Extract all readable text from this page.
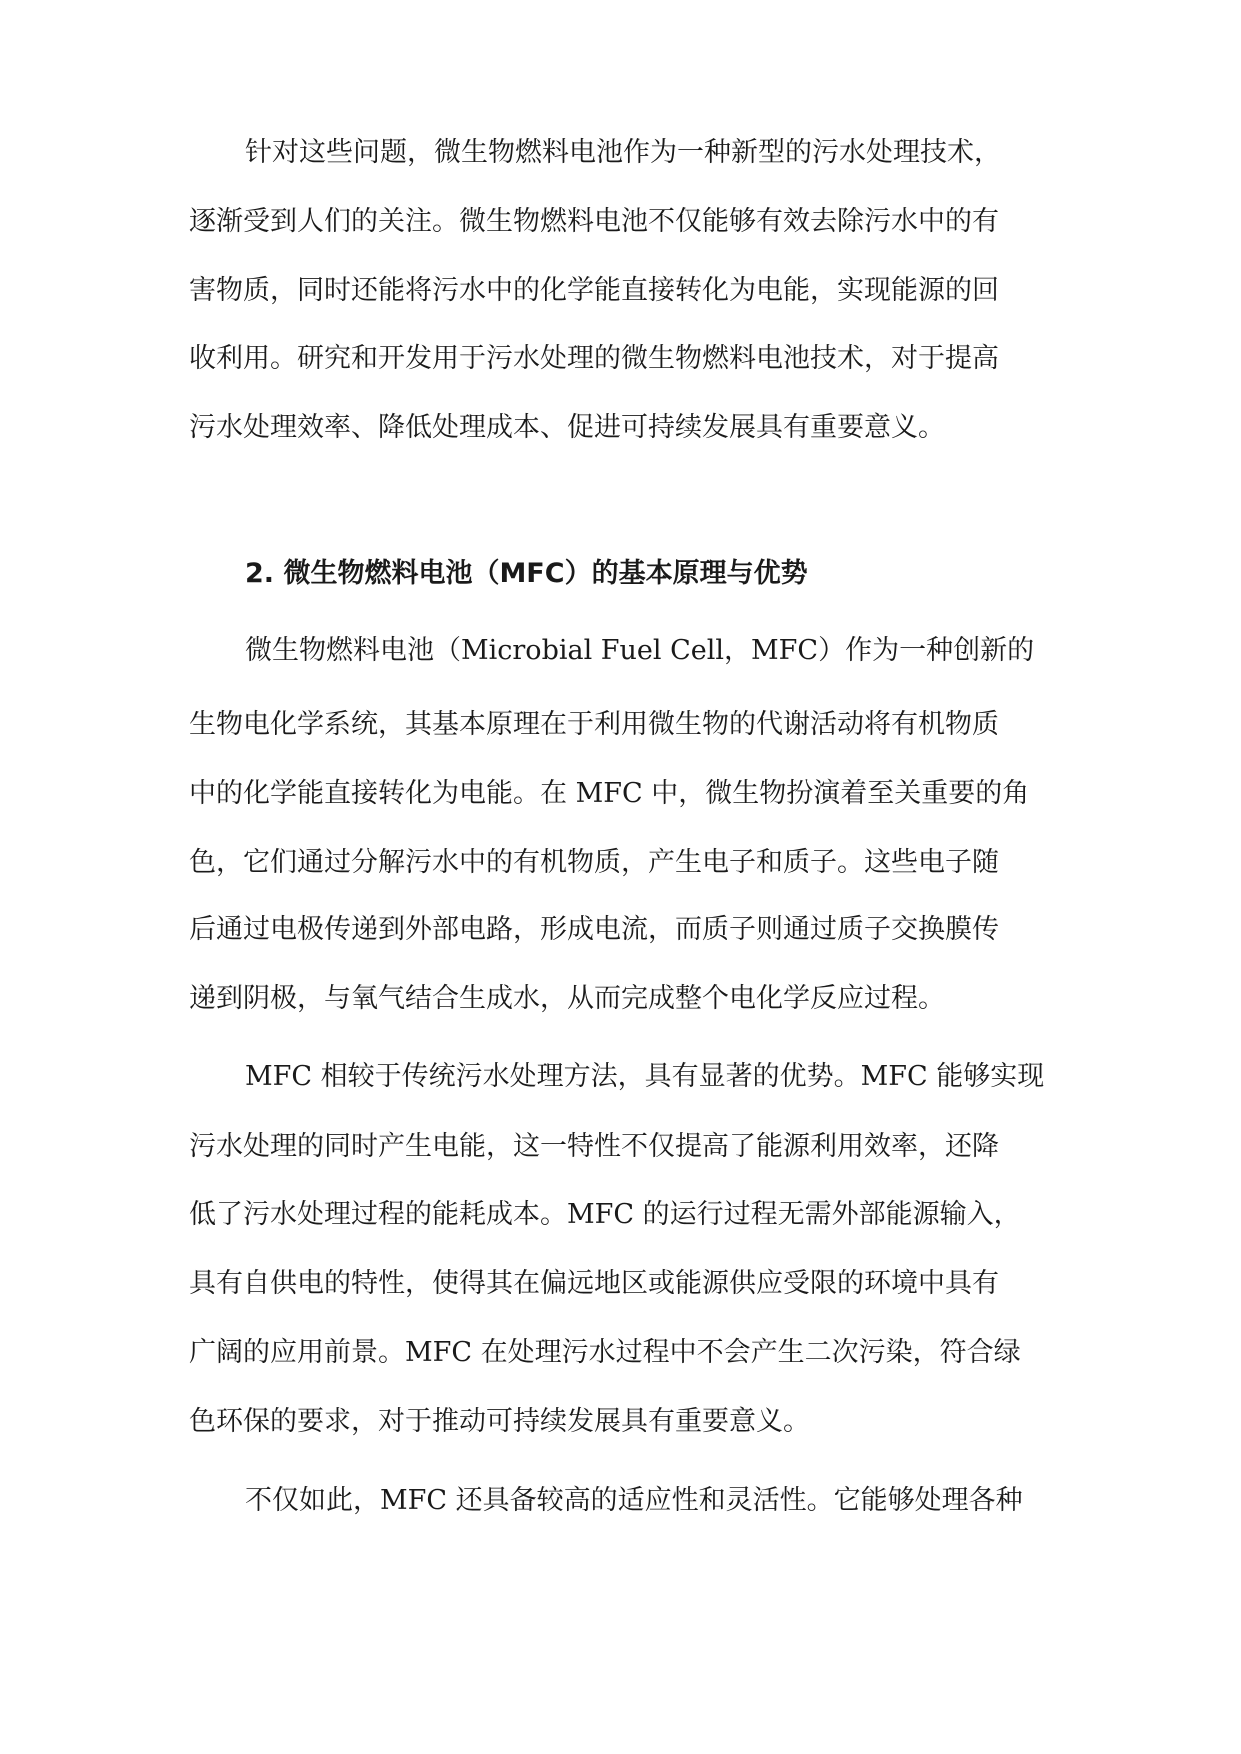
针对这些问题，微生物燃料电池作为一种新型的污水处理技术，
逐渐受到人们的关注。微生物燃料电池不仅能够有效去除污水中的有
害物质，同时还能将污水中的化学能直接转化为电能，实现能源的回
收利用。研究和开发用于污水处理的微生物燃料电池技术，对于提高
污水处理效率、降低处理成本、促进可持续发展具有重要意义。
2. 微生物燃料电池（MFC）的基本原理与优势
微生物燃料电池（Microbial Fuel Cell，MFC）作为一种创新的
生物电化学系统，其基本原理在于利用微生物的代谢活动将有机物质
中的化学能直接转化为电能。在 MFC 中，微生物扮演着至关重要的角
色，它们通过分解污水中的有机物质，产生电子和质子。这些电子随
后通过电极传递到外部电路，形成电流，而质子则通过质子交换膜传
递到阴极，与氧气结合生成水，从而完成整个电化学反应过程。
MFC 相较于传统污水处理方法，具有显著的优势。MFC 能够实现
污水处理的同时产生电能，这一特性不仅提高了能源利用效率，还降
低了污水处理过程的能耗成本。MFC 的运行过程无需外部能源输入，
具有自供电的特性，使得其在偏远地区或能源供应受限的环境中具有
广阔的应用前景。MFC 在处理污水过程中不会产生二次污染，符合绿
色环保的要求，对于推动可持续发展具有重要意义。
不仅如此，MFC 还具备较高的适应性和灵活性。它能够处理各种
